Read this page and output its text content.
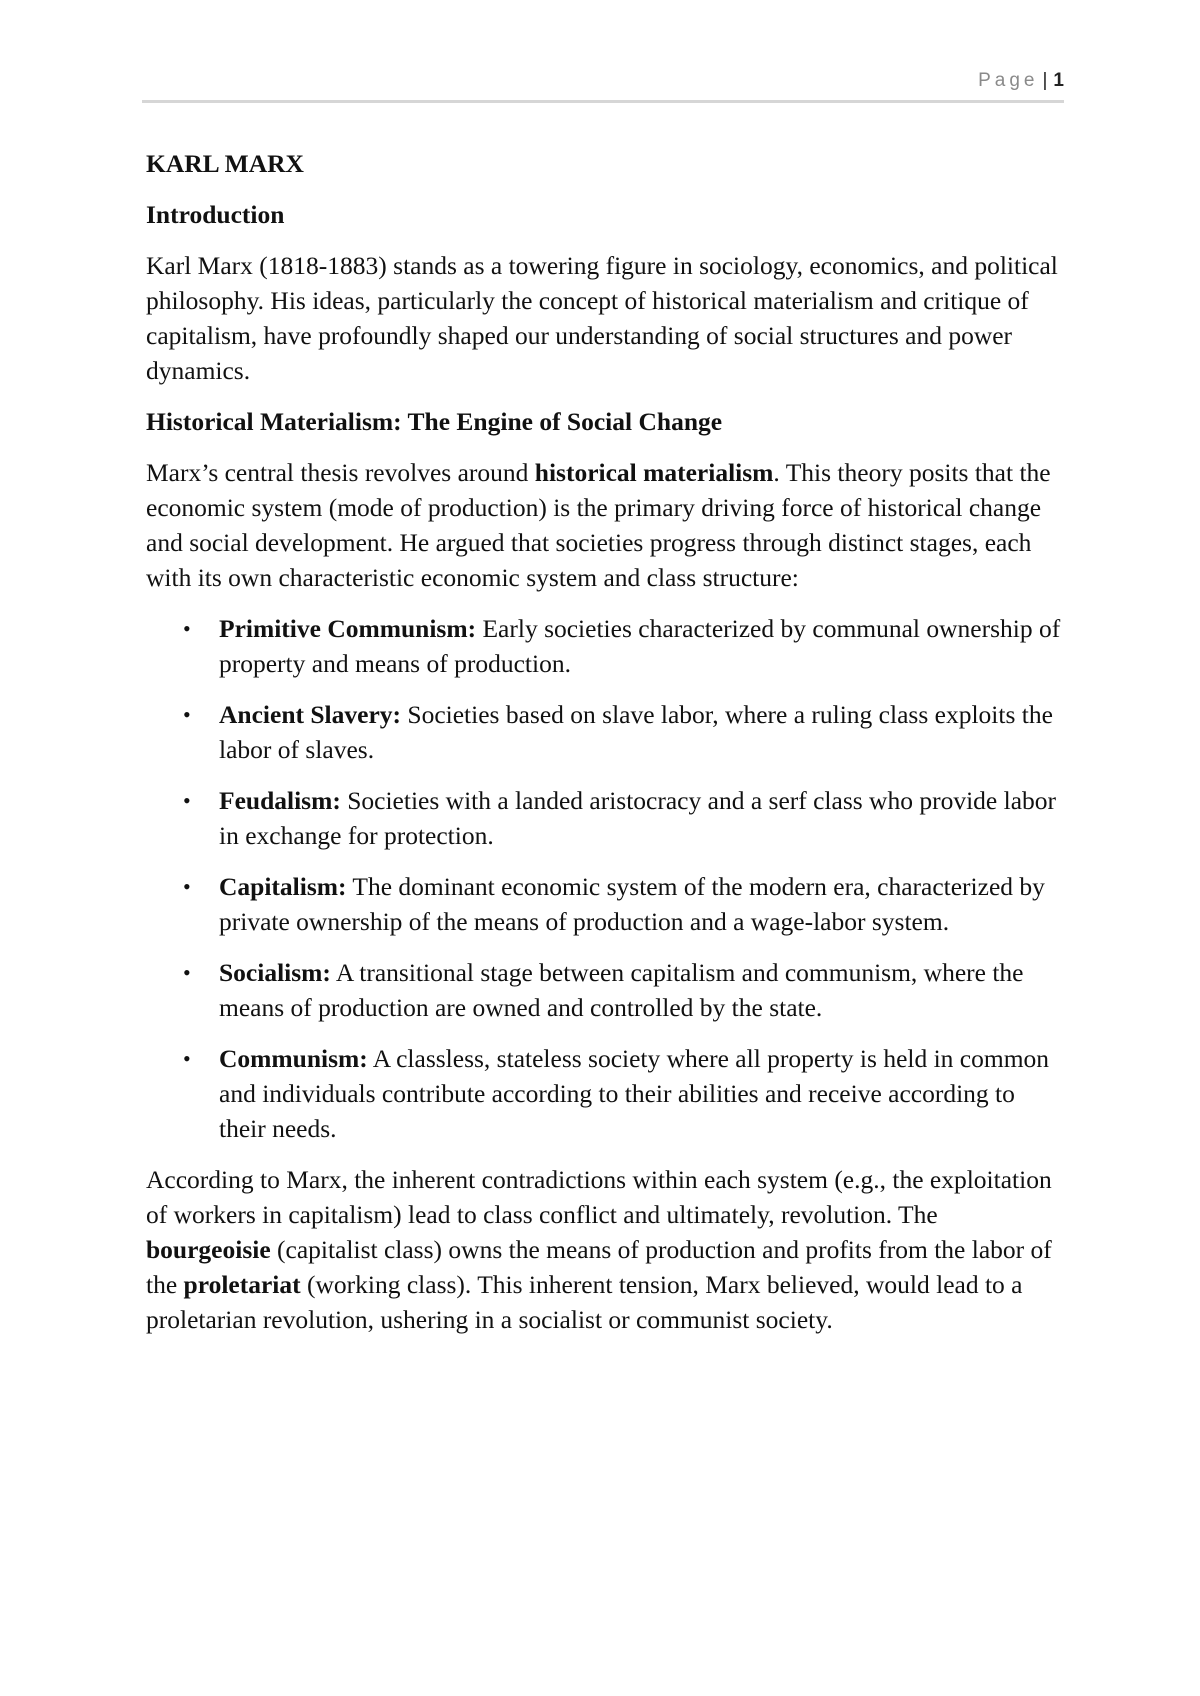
Page | 1
KARL MARX
Introduction

Karl Marx (1818-1883) stands as a towering figure in sociology, economics, and political philosophy. His ideas, particularly the concept of historical materialism and critique of capitalism, have profoundly shaped our understanding of social structures and power dynamics.

Historical Materialism: The Engine of Social Change

Marx’s central thesis revolves around historical materialism. This theory posits that the economic system (mode of production) is the primary driving force of historical change and social development. He argued that societies progress through distinct stages, each with its own characteristic economic system and class structure:

• Primitive Communism: Early societies characterized by communal ownership of property and means of production.
• Ancient Slavery: Societies based on slave labor, where a ruling class exploits the labor of slaves.
• Feudalism: Societies with a landed aristocracy and a serf class who provide labor in exchange for protection.
• Capitalism: The dominant economic system of the modern era, characterized by private ownership of the means of production and a wage-labor system.
• Socialism: A transitional stage between capitalism and communism, where the means of production are owned and controlled by the state.
• Communism: A classless, stateless society where all property is held in common and individuals contribute according to their abilities and receive according to their needs.

According to Marx, the inherent contradictions within each system (e.g., the exploitation of workers in capitalism) lead to class conflict and ultimately, revolution. The bourgeoisie (capitalist class) owns the means of production and profits from the labor of the proletariat (working class). This inherent tension, Marx believed, would lead to a proletarian revolution, ushering in a socialist or communist society.
